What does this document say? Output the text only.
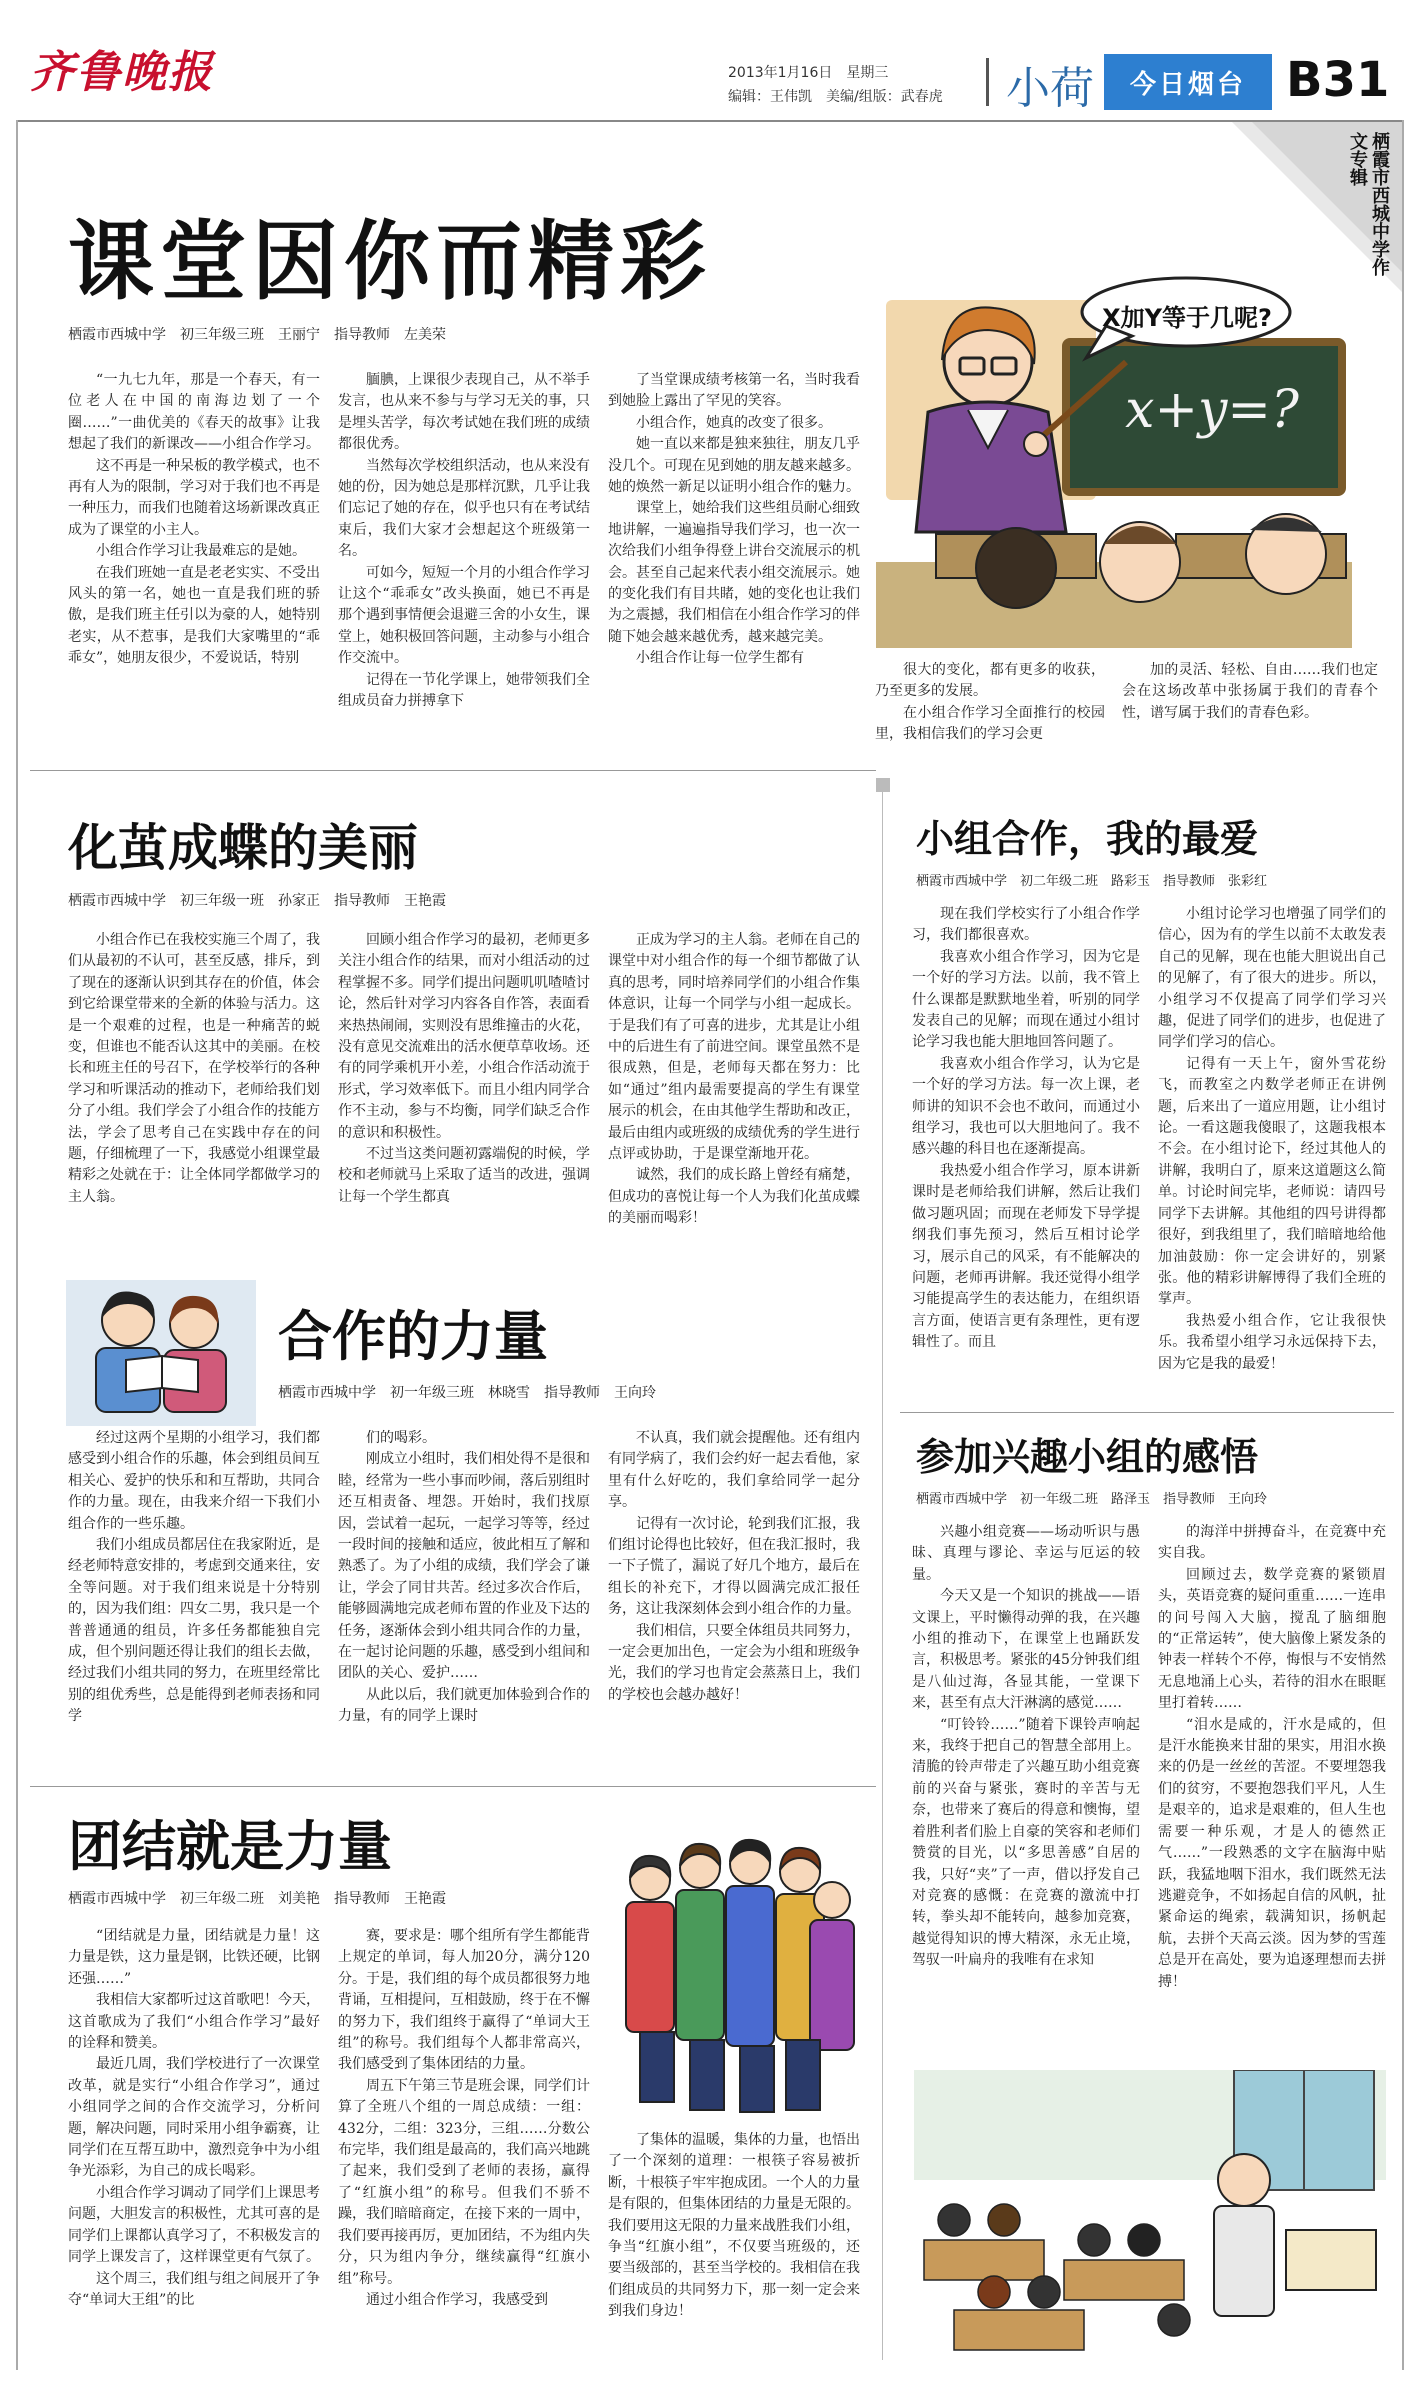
齐鲁晚报	2013年1月16日　星期三
编辑：王伟凯　美编/组版：武春虎 小荷	今日烟台 B31
栖霞市西城中学作文专辑
课堂因你而精彩
栖霞市西城中学　初三年级三班　王丽宁　指导教师　左美荣

“一九七九年，那是一个春天，有一位老人在中国的南海边划了一个圈……”一曲优美的《春天的故事》让我想起了我们的新课改——小组合作学习。

这不再是一种呆板的教学模式，也不再有人为的限制，学习对于我们也不再是一种压力，而我们也随着这场新课改真正成为了课堂的小主人。

小组合作学习让我最难忘的是她。

在我们班她一直是老老实实、不受出风头的第一名，她也一直是我们班的骄傲，是我们班主任引以为豪的人，她特别老实，从不惹事，是我们大家嘴里的“乖乖女”，她朋友很少，不爱说话，特别

腼腆，上课很少表现自己，从不举手发言，也从来不参与与学习无关的事，只是埋头苦学，每次考试她在我们班的成绩都很优秀。

当然每次学校组织活动，也从来没有她的份，因为她总是那样沉默，几乎让我们忘记了她的存在，似乎也只有在考试结束后，我们大家才会想起这个班级第一名。

可如今，短短一个月的小组合作学习让这个“乖乖女”改头换面，她已不再是那个遇到事情便会退避三舍的小女生，课堂上，她积极回答问题，主动参与小组合作交流中。

记得在一节化学课上，她带领我们全组成员奋力拼搏拿下

了当堂课成绩考核第一名，当时我看到她脸上露出了罕见的笑容。

小组合作，她真的改变了很多。

她一直以来都是独来独往，朋友几乎没几个。可现在见到她的朋友越来越多。她的焕然一新足以证明小组合作的魅力。

课堂上，她给我们这些组员耐心细致地讲解，一遍遍指导我们学习，也一次一次给我们小组争得登上讲台交流展示的机会。甚至自己起来代表小组交流展示。她的变化我们有目共睹，她的变化也让我们为之震撼，我们相信在小组合作学习的伴随下她会越来越优秀，越来越完美。

小组合作让每一位学生都有

很大的变化，都有更多的收获，乃至更多的发展。

在小组合作学习全面推行的校园里，我相信我们的学习会更

加的灵活、轻松、自由……我们也定会在这场改革中张扬属于我们的青春个性，谱写属于我们的青春色彩。

X加Y等于几呢?
x+y=?
化茧成蝶的美丽
栖霞市西城中学　初三年级一班　孙家正　指导教师　王艳霞

小组合作已在我校实施三个周了，我们从最初的不认可，甚至反感，排斥，到了现在的逐渐认识到其存在的价值，体会到它给课堂带来的全新的体验与活力。这是一个艰难的过程，也是一种痛苦的蜕变，但谁也不能否认这其中的美丽。在校长和班主任的号召下，在学校举行的各种学习和听课活动的推动下，老师给我们划分了小组。我们学会了小组合作的技能方法，学会了思考自己在实践中存在的问题，仔细梳理了一下，我感觉小组课堂最精彩之处就在于：让全体同学都做学习的主人翁。

回顾小组合作学习的最初，老师更多关注小组合作的结果，而对小组活动的过程掌握不多。同学们提出问题叽叽喳喳讨论，然后针对学习内容各自作答，表面看来热热闹闹，实则没有思维撞击的火花，没有意见交流难出的活水便草草收场。还有的同学乘机开小差，小组合作活动流于形式，学习效率低下。而且小组内同学合作不主动，参与不均衡，同学们缺乏合作的意识和积极性。

不过当这类问题初露端倪的时候，学校和老师就马上采取了适当的改进，强调让每一个学生都真

正成为学习的主人翁。老师在自己的课堂中对小组合作的每一个细节都做了认真的思考，同时培养同学们的小组合作集体意识，让每一个同学与小组一起成长。于是我们有了可喜的进步，尤其是让小组中的后进生有了前进空间。课堂虽然不是很成熟，但是，老师每天都在努力：比如“通过”组内最需要提高的学生有课堂展示的机会，在由其他学生帮助和改正，最后由组内或班级的成绩优秀的学生进行点评或协助，于是课堂渐地开花。

诚然，我们的成长路上曾经有痛楚，但成功的喜悦让每一个人为我们化茧成蝶的美丽而喝彩！

合作的力量
栖霞市西城中学　初一年级三班　林晓雪　指导教师　王向玲

经过这两个星期的小组学习，我们都感受到小组合作的乐趣，体会到组员间互相关心、爱护的快乐和和互帮助，共同合作的力量。现在，由我来介绍一下我们小组合作的一些乐趣。

我们小组成员都居住在我家附近，是经老师特意安排的，考虑到交通来往，安全等问题。对于我们组来说是十分特别的，因为我们组：四女二男，我只是一个普普通通的组员，许多任务都能独自完成，但个别问题还得让我们的组长去做，经过我们小组共同的努力，在班里经常比别的组优秀些，总是能得到老师表扬和同学

们的喝彩。

刚成立小组时，我们相处得不是很和睦，经常为一些小事而吵闹，落后别组时还互相责备、埋怨。开始时，我们找原因，尝试着一起玩，一起学习等等，经过一段时间的接触和适应，彼此相互了解和熟悉了。为了小组的成绩，我们学会了谦让，学会了同甘共苦。经过多次合作后，能够圆满地完成老师布置的作业及下达的任务，逐渐体会到小组共同合作的力量，在一起讨论问题的乐趣，感受到小组间和团队的关心、爱护……

从此以后，我们就更加体验到合作的力量，有的同学上课时

不认真，我们就会提醒他。还有组内有同学病了，我们会约好一起去看他，家里有什么好吃的，我们拿给同学一起分享。

记得有一次讨论，轮到我们汇报，我们组讨论得也比较好，但在我汇报时，我一下子慌了，漏说了好几个地方，最后在组长的补充下，才得以圆满完成汇报任务，这让我深刻体会到小组合作的力量。

我们相信，只要全体组员共同努力，一定会更加出色，一定会为小组和班级争光，我们的学习也肯定会蒸蒸日上，我们的学校也会越办越好！

团结就是力量
栖霞市西城中学　初三年级二班　刘美艳　指导教师　王艳霞

“团结就是力量，团结就是力量！这力量是铁，这力量是钢，比铁还硬，比钢还强……”

我相信大家都听过这首歌吧！今天，这首歌成为了我们“小组合作学习”最好的诠释和赞美。

最近几周，我们学校进行了一次课堂改革，就是实行“小组合作学习”，通过小组同学之间的合作交流学习，分析问题，解决问题，同时采用小组争霸赛，让同学们在互帮互助中，激烈竞争中为小组争光添彩，为自己的成长喝彩。

小组合作学习调动了同学们上课思考问题，大胆发言的积极性，尤其可喜的是同学们上课都认真学习了，不积极发言的同学上课发言了，这样课堂更有气氛了。

这个周三，我们组与组之间展开了争夺“单词大王组”的比

赛，要求是：哪个组所有学生都能背上规定的单词，每人加20分，满分120分。于是，我们组的每个成员都很努力地背诵，互相提问，互相鼓励，终于在不懈的努力下，我们组终于赢得了“单词大王组”的称号。我们组每个人都非常高兴，我们感受到了集体团结的力量。

周五下午第三节是班会课，同学们计算了全班八个组的一周总成绩：一组：432分，二组：323分，三组……分数公布完毕，我们组是最高的，我们高兴地跳了起来，我们受到了老师的表扬，赢得了“红旗小组”的称号。但我们不骄不躁，我们暗暗商定，在接下来的一周中，我们要再接再厉，更加团结，不为组内失分，只为组内争分，继续赢得“红旗小组”称号。

通过小组合作学习，我感受到

了集体的温暖，集体的力量，也悟出了一个深刻的道理：一根筷子容易被折断，十根筷子牢牢抱成团。一个人的力量是有限的，但集体团结的力量是无限的。我们要用这无限的力量来战胜我们小组，争当“红旗小组”，不仅要当班级的，还要当级部的，甚至当学校的。我相信在我们组成员的共同努力下，那一刻一定会来到我们身边！

小组合作，我的最爱
栖霞市西城中学　初二年级二班　路彩玉　指导教师　张彩红

现在我们学校实行了小组合作学习，我们都很喜欢。

我喜欢小组合作学习，因为它是一个好的学习方法。以前，我不管上什么课都是默默地坐着，听别的同学发表自己的见解；而现在通过小组讨论学习我也能大胆地回答问题了。

我喜欢小组合作学习，认为它是一个好的学习方法。每一次上课，老师讲的知识不会也不敢问，而通过小组学习，我也可以大胆地问了。我不感兴趣的科目也在逐渐提高。

我热爱小组合作学习，原本讲新课时是老师给我们讲解，然后让我们做习题巩固；而现在老师发下导学提纲我们事先预习，然后互相讨论学习，展示自己的风采，有不能解决的问题，老师再讲解。我还觉得小组学习能提高学生的表达能力，在组织语言方面，使语言更有条理性，更有逻辑性了。而且

小组讨论学习也增强了同学们的信心，因为有的学生以前不太敢发表自己的见解，现在也能大胆说出自己的见解了，有了很大的进步。所以，小组学习不仅提高了同学们学习兴趣，促进了同学们的进步，也促进了同学们学习的信心。

记得有一天上午，窗外雪花纷飞，而教室之内数学老师正在讲例题，后来出了一道应用题，让小组讨论。一看这题我傻眼了，这题我根本不会。在小组讨论下，经过其他人的讲解，我明白了，原来这道题这么简单。讨论时间完毕，老师说：请四号同学下去讲解。其他组的四号讲得都很好，到我组里了，我们暗暗地给他加油鼓励：你一定会讲好的，别紧张。他的精彩讲解博得了我们全班的掌声。

我热爱小组合作，它让我很快乐。我希望小组学习永远保持下去，因为它是我的最爱！

参加兴趣小组的感悟
栖霞市西城中学　初一年级二班　路泽玉　指导教师　王向玲

兴趣小组竞赛——场动听识与愚昧、真理与谬论、幸运与厄运的较量。

今天又是一个知识的挑战——语文课上，平时懒得动弹的我，在兴趣小组的推动下，在课堂上也踊跃发言，积极思考。紧张的45分钟我们组是八仙过海，各显其能，一堂课下来，甚至有点大汗淋漓的感觉……

“叮铃铃……”随着下课铃声响起来，我终于把自己的智慧全部用上。清脆的铃声带走了兴趣互助小组竞赛前的兴奋与紧张，赛时的辛苦与无奈，也带来了赛后的得意和懊悔，望着胜利者们脸上自豪的笑容和老师们赞赏的目光，以“多思善感”自居的我，只好“夹”了一声，借以抒发自己对竞赛的感慨：在竞赛的激流中打转，拳头却不能转向，越参加竞赛，越觉得知识的博大精深，永无止境，驾驭一叶扁舟的我唯有在求知

的海洋中拼搏奋斗，在竞赛中充实自我。

回顾过去，数学竞赛的紧锁眉头，英语竞赛的疑问重重……一连串的问号闯入大脑，搅乱了脑细胞的“正常运转”，使大脑像上紧发条的钟表一样转个不停，悔恨与不安悄然无息地涌上心头，若待的泪水在眼眶里打着转……

“泪水是咸的，汗水是咸的，但是汗水能换来甘甜的果实，用泪水换来的仍是一丝丝的苦涩。不要埋怨我们的贫穷，不要抱怨我们平凡，人生是艰辛的，追求是艰难的，但人生也需要一种乐观，才是人的德然正气……”一段熟悉的文字在脑海中贴跃，我猛地咽下泪水，我们既然无法逃避竞争，不如扬起自信的风帆，扯紧命运的绳索，载满知识，扬帆起航，去拼个天高云淡。因为梦的雪莲总是开在高处，要为追逐理想而去拼搏！
